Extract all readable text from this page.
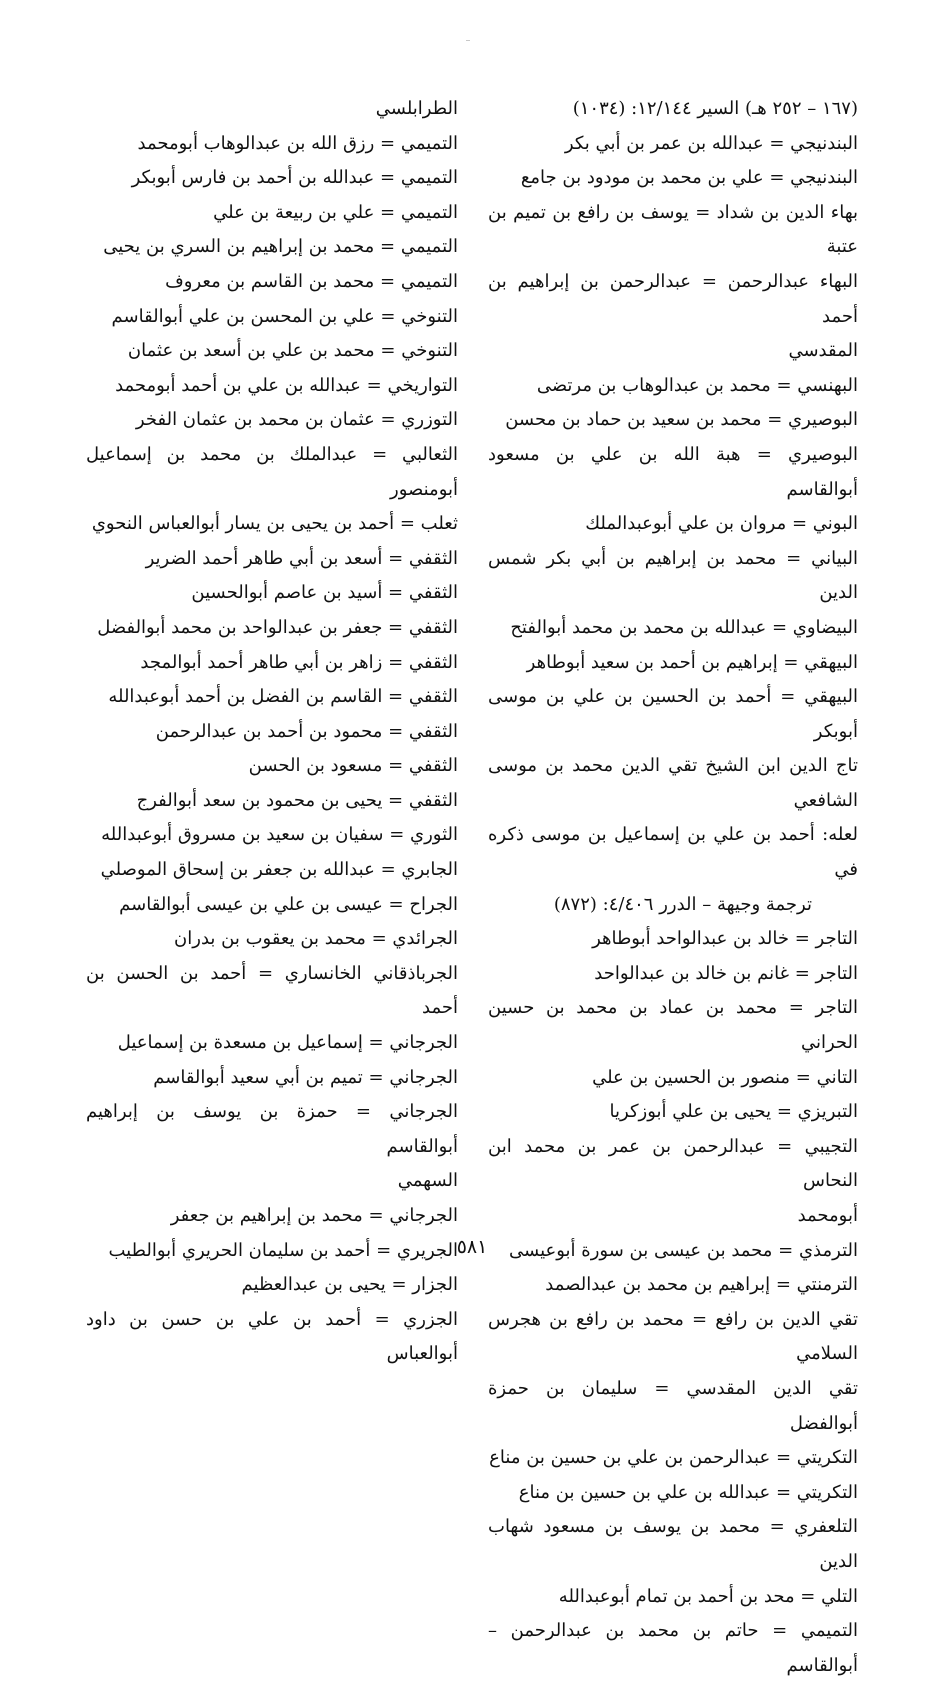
(١٦٧ – ٢٥٢ هـ) السير ١٢/١٤٤: (١٠٣٤)

البندنيجي = عبدالله بن عمر بن أبي بكر

البندنيجي = علي بن محمد بن مودود بن جامع

بهاء الدين بن شداد = يوسف بن رافع بن تميم بن عتبة

البهاء عبدالرحمن = عبدالرحمن بن إبراهيم بن أحمد
المقدسي

البهنسي = محمد بن عبدالوهاب بن مرتضى

البوصيري = محمد بن سعيد بن حماد بن محسن

البوصيري = هبة الله بن علي بن مسعود أبوالقاسم

البوني = مروان بن علي أبوعبدالملك

البياني = محمد بن إبراهيم بن أبي بكر شمس الدين

البيضاوي = عبدالله بن محمد بن محمد أبوالفتح

البيهقي = إبراهيم بن أحمد بن سعيد أبوطاهر

البيهقي = أحمد بن الحسين بن علي بن موسى أبوبكر

تاج الدين ابن الشيخ تقي الدين محمد بن موسى الشافعي

لعله: أحمد بن علي بن إسماعيل بن موسى ذكره في
ترجمة وجيهة – الدرر ٤/٤٠٦: (٨٧٢)

التاجر = خالد بن عبدالواحد أبوطاهر

التاجر = غانم بن خالد بن عبدالواحد

التاجر = محمد بن عماد بن محمد بن حسين الحراني

التاني = منصور بن الحسين بن علي

التبريزي = يحيى بن علي أبوزكريا

التجيبي = عبدالرحمن بن عمر بن محمد ابن النحاس
أبومحمد

الترمذي = محمد بن عيسى بن سورة أبوعيسى

الترمنتي = إبراهيم بن محمد بن عبدالصمد

تقي الدين بن رافع = محمد بن رافع بن هجرس السلامي

تقي الدين المقدسي = سليمان بن حمزة أبوالفضل

التكريتي = عبدالرحمن بن علي بن حسين بن مناع

التكريتي = عبدالله بن علي بن حسين بن مناع

التلعفري = محمد بن يوسف بن مسعود شهاب الدين

التلي = محد بن أحمد بن تمام أبوعبدالله

التميمي = حاتم بن محمد بن عبدالرحمن – أبوالقاسم

الطرابلسي

التميمي = رزق الله بن عبدالوهاب أبومحمد

التميمي = عبدالله بن أحمد بن فارس أبوبكر

التميمي = علي بن ربيعة بن علي

التميمي = محمد بن إبراهيم بن السري بن يحيى

التميمي = محمد بن القاسم بن معروف

التنوخي = علي بن المحسن بن علي أبوالقاسم

التنوخي = محمد بن علي بن أسعد بن عثمان

التواريخي = عبدالله بن علي بن أحمد أبومحمد

التوزري = عثمان بن محمد بن عثمان الفخر

الثعالبي = عبدالملك بن محمد بن إسماعيل أبومنصور

ثعلب = أحمد بن يحيى بن يسار أبوالعباس النحوي

الثقفي = أسعد بن أبي طاهر أحمد الضرير

الثقفي = أسيد بن عاصم أبوالحسين

الثقفي = جعفر بن عبدالواحد بن محمد أبوالفضل

الثقفي = زاهر بن أبي طاهر أحمد أبوالمجد

الثقفي = القاسم بن الفضل بن أحمد أبوعبدالله

الثقفي = محمود بن أحمد بن عبدالرحمن

الثقفي = مسعود بن الحسن

الثقفي = يحيى بن محمود بن سعد أبوالفرج

الثوري = سفيان بن سعيد بن مسروق أبوعبدالله

الجابري = عبدالله بن جعفر بن إسحاق الموصلي

الجراح = عيسى بن علي بن عيسى أبوالقاسم

الجرائدي = محمد بن يعقوب بن بدران

الجرباذقاني الخانساري = أحمد بن الحسن بن أحمد

الجرجاني = إسماعيل بن مسعدة بن إسماعيل

الجرجاني = تميم بن أبي سعيد أبوالقاسم

الجرجاني = حمزة بن يوسف بن إبراهيم أبوالقاسم
السهمي

الجرجاني = محمد بن إبراهيم بن جعفر

الجريري = أحمد بن سليمان الحريري أبوالطيب

الجزار = يحيى بن عبدالعظيم

الجزري = أحمد بن علي بن حسن بن داود أبوالعباس

٥٨١
